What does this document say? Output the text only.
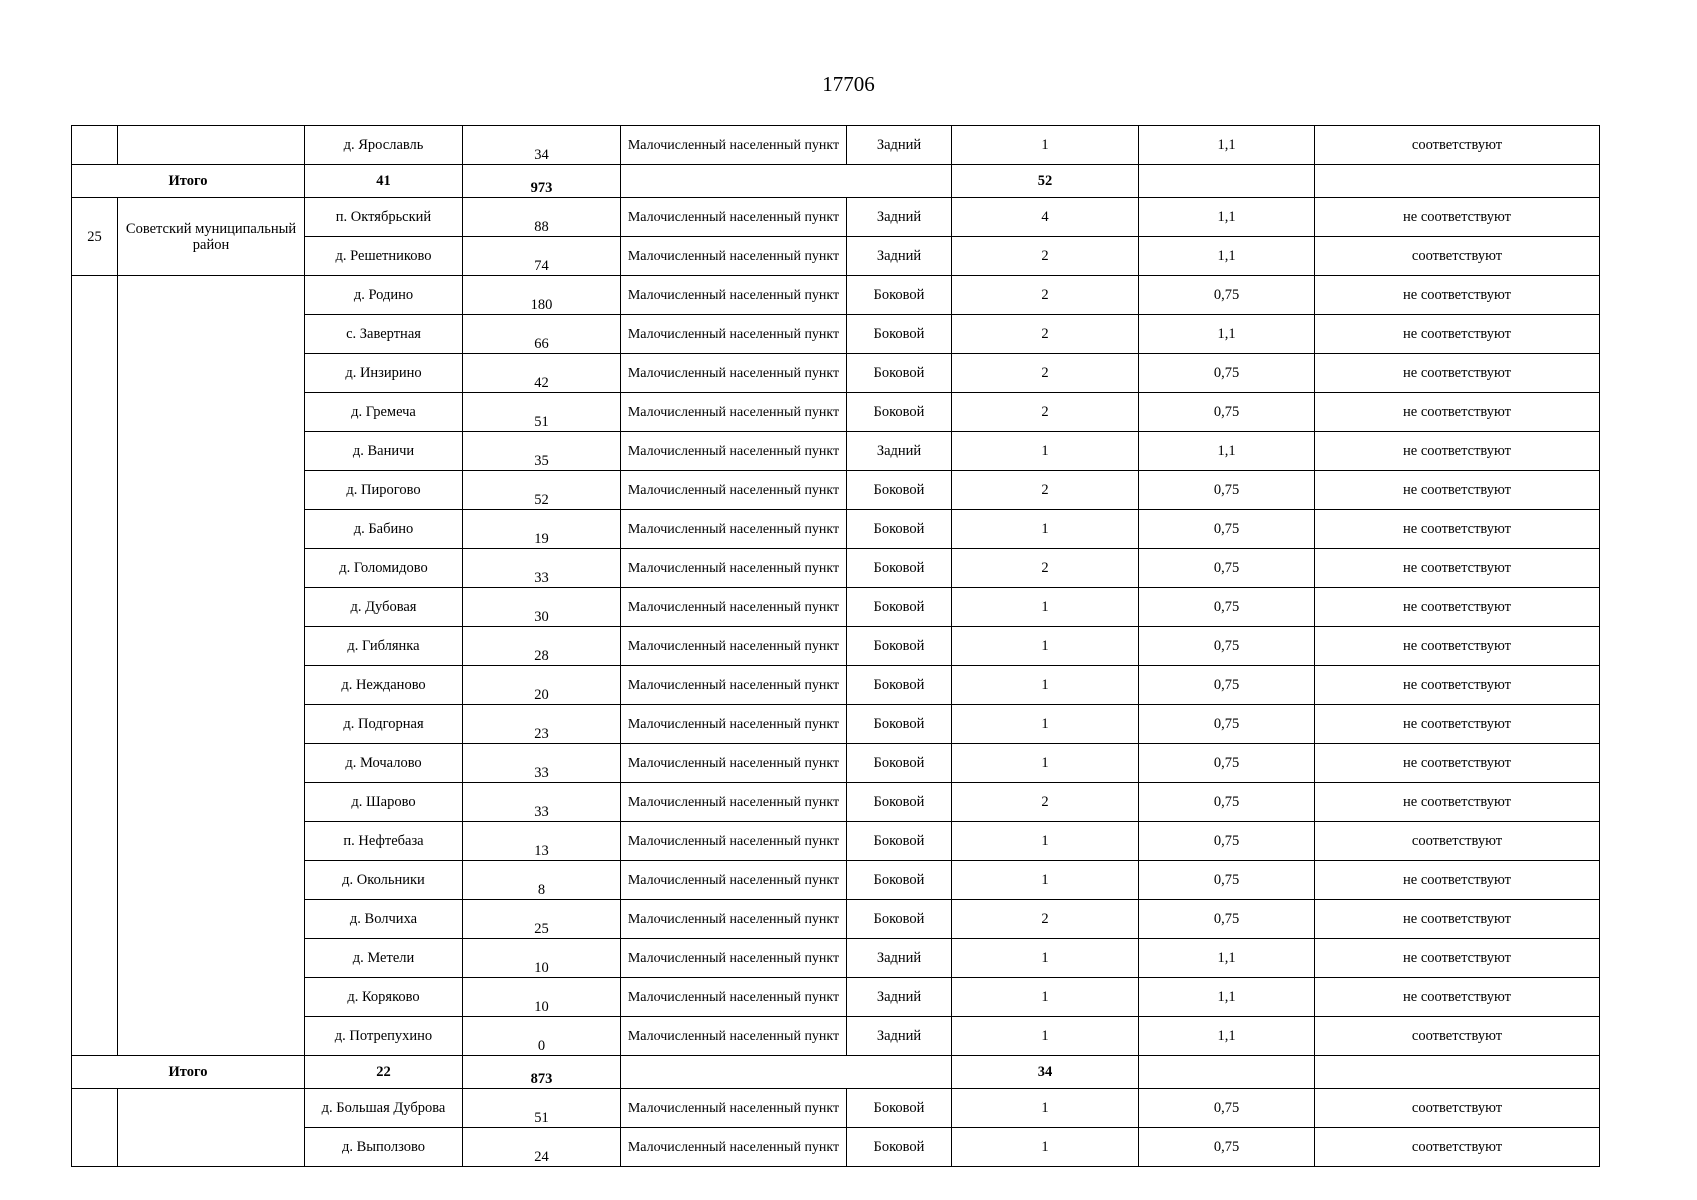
17706
		д. Ярославль	34	Малочисленный населенный пункт	Задний	1	1,1	соответствуют
Итого		41	973			52		
25	Советский муниципальный район	п. Октябрьский	88	Малочисленный населенный пункт	Задний	4	1,1	не соответствуют
		д. Решетниково	74	Малочисленный населенный пункт	Задний	2	1,1	соответствуют
		д. Родино	180	Малочисленный населенный пункт	Боковой	2	0,75	не соответствуют
		с. Завертная	66	Малочисленный населенный пункт	Боковой	2	1,1	не соответствуют
		д. Инзирино	42	Малочисленный населенный пункт	Боковой	2	0,75	не соответствуют
		д. Гремеча	51	Малочисленный населенный пункт	Боковой	2	0,75	не соответствуют
		д. Ваничи	35	Малочисленный населенный пункт	Задний	1	1,1	не соответствуют
		д. Пирогово	52	Малочисленный населенный пункт	Боковой	2	0,75	не соответствуют
		д. Бабино	19	Малочисленный населенный пункт	Боковой	1	0,75	не соответствуют
		д. Голомидово	33	Малочисленный населенный пункт	Боковой	2	0,75	не соответствуют
		д. Дубовая	30	Малочисленный населенный пункт	Боковой	1	0,75	не соответствуют
		д. Гиблянка	28	Малочисленный населенный пункт	Боковой	1	0,75	не соответствуют
		д. Нежданово	20	Малочисленный населенный пункт	Боковой	1	0,75	не соответствуют
		д. Подгорная	23	Малочисленный населенный пункт	Боковой	1	0,75	не соответствуют
		д. Мочалово	33	Малочисленный населенный пункт	Боковой	1	0,75	не соответствуют
		д. Шарово	33	Малочисленный населенный пункт	Боковой	2	0,75	не соответствуют
		п. Нефтебаза	13	Малочисленный населенный пункт	Боковой	1	0,75	соответствуют
		д. Окольники	8	Малочисленный населенный пункт	Боковой	1	0,75	не соответствуют
		д. Волчиха	25	Малочисленный населенный пункт	Боковой	2	0,75	не соответствуют
		д. Метели	10	Малочисленный населенный пункт	Задний	1	1,1	не соответствуют
		д. Коряково	10	Малочисленный населенный пункт	Задний	1	1,1	не соответствуют
		д. Потрепухино	0	Малочисленный населенный пункт	Задний	1	1,1	соответствуют
Итого		22	873			34		
		д. Большая Дуброва	51	Малочисленный населенный пункт	Боковой	1	0,75	соответствуют
		д. Выползово	24	Малочисленный населенный пункт	Боковой	1	0,75	соответствуют
